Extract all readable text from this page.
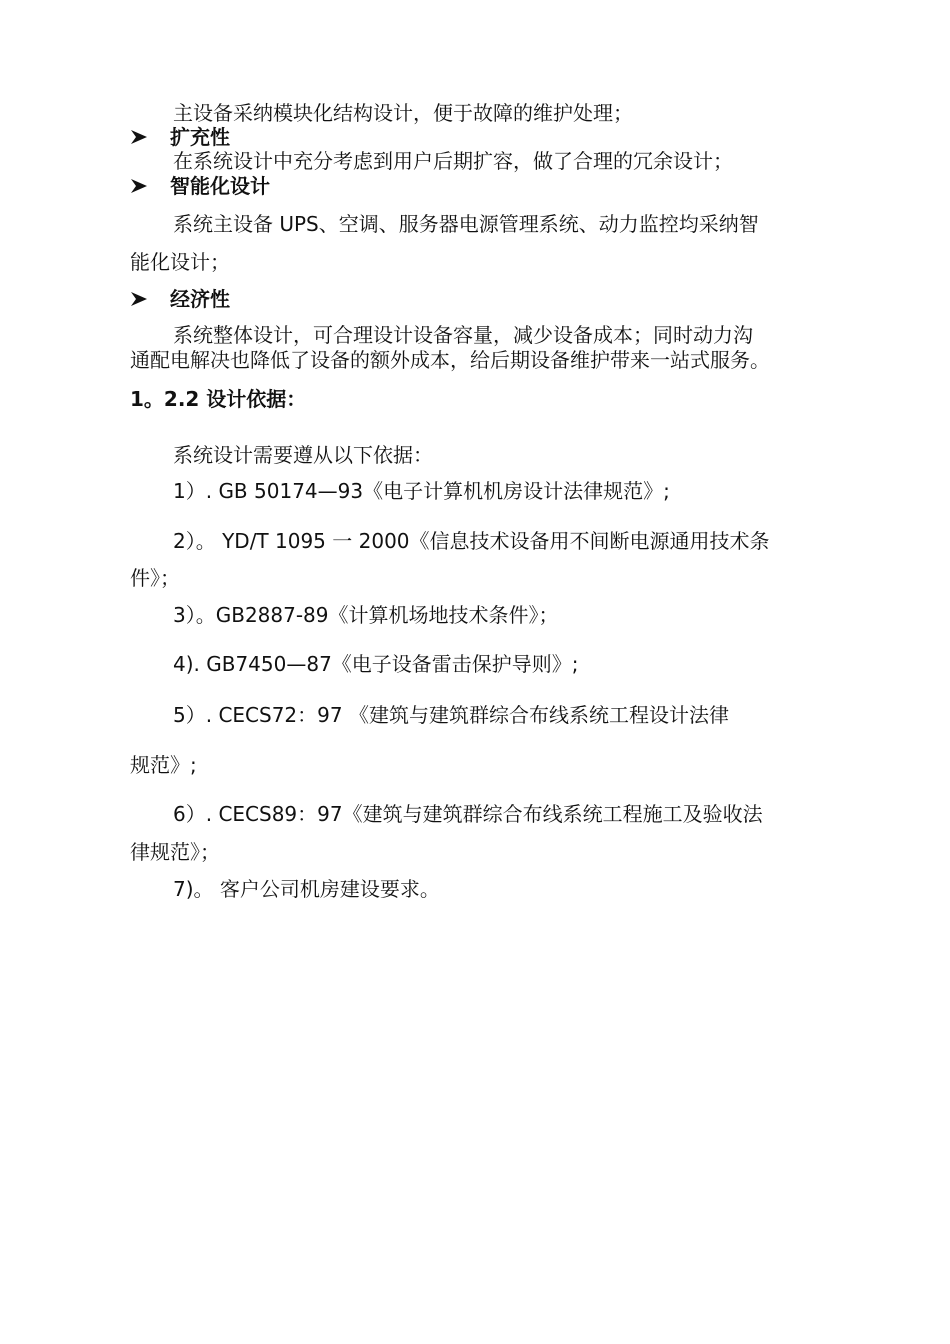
主设备采纳模块化结构设计，便于故障的维护处理；
扩充性
在系统设计中充分考虑到用户后期扩容，做了合理的冗余设计；
智能化设计
系统主设备 UPS、空调、服务器电源管理系统、动力监控均采纳智
能化设计；
经济性
系统整体设计，可合理设计设备容量，减少设备成本；同时动力沟
通配电解决也降低了设备的额外成本，给后期设备维护带来一站式服务。
1。2.2 设计依据：
系统设计需要遵从以下依据：
1）. GB 50174—93《电子计算机机房设计法律规范》;
2）。 YD/T 1095 一 2000《信息技术设备用不间断电源通用技术条
件》；
3）。GB2887-89《计算机场地技术条件》；
4). GB7450—87《电子设备雷击保护导则》;
5）. CECS72：97 《建筑与建筑群综合布线系统工程设计法律
规范》;
6）. CECS89：97《建筑与建筑群综合布线系统工程施工及验收法
律规范》；
7)。 客户公司机房建设要求。
